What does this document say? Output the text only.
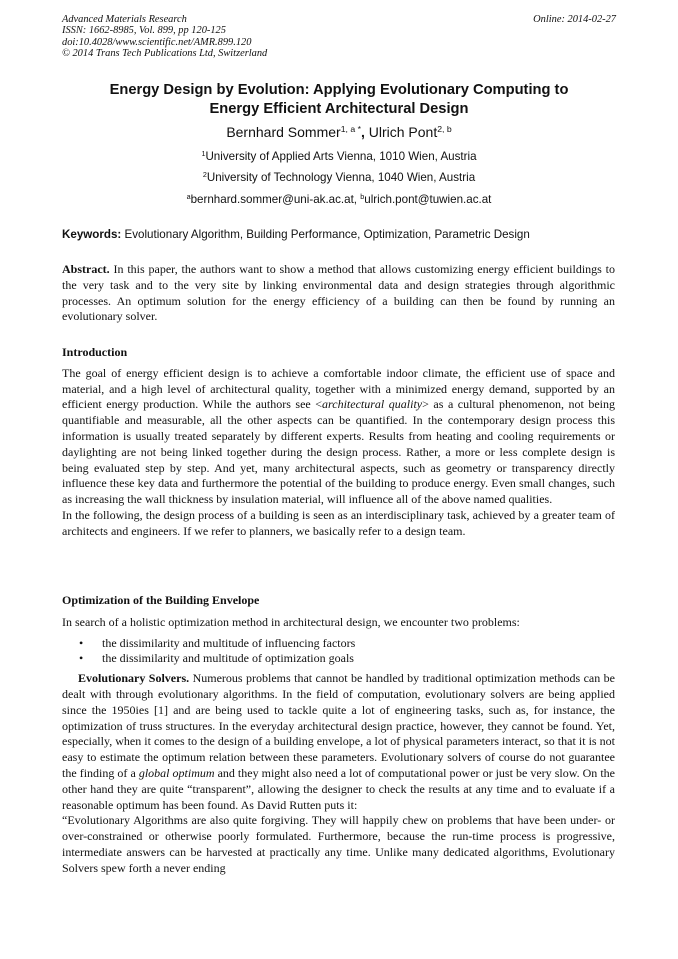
Advanced Materials Research
ISSN: 1662-8985, Vol. 899, pp 120-125
doi:10.4028/www.scientific.net/AMR.899.120
© 2014 Trans Tech Publications Ltd, Switzerland
Online: 2014-02-27
Energy Design by Evolution: Applying Evolutionary Computing to
Energy Efficient Architectural Design
Bernhard Sommer$^{1, a *}$, Ulrich Pont$^{2, b}$
$^1$University of Applied Arts Vienna, 1010 Wien, Austria
$^2$University of Technology Vienna, 1040 Wien, Austria
$^a$bernhard.sommer@uni-ak.ac.at, $^b$ulrich.pont@tuwien.ac.at
Keywords: Evolutionary Algorithm, Building Performance, Optimization, Parametric Design

Abstract. In this paper, the authors want to show a method that allows customizing energy efficient buildings to the very task and to the very site by linking environmental data and design strategies through algorithmic processes. An optimum solution for the energy efficiency of a building can then be found by running an evolutionary solver.

Introduction

The goal of energy efficient design is to achieve a comfortable indoor climate, the efficient use of space and material, and a high level of architectural quality, together with a minimized energy demand, supported by an efficient energy production. While the authors see <architectural quality> as a cultural phenomenon, not being quantifiable and measurable, all the other aspects can be quantified. In the contemporary design process this information is usually treated separately by different experts. Results from heating and cooling requirements or daylighting are not being linked together during the design process. Rather, a more or less complete design is being evaluated step by step. And yet, many architectural aspects, such as geometry or transparency directly influence these key data and furthermore the potential of the building to produce energy. Even small changes, such as increasing the wall thickness by insulation material, will influence all of the above named qualities.

In the following, the design process of a building is seen as an interdisciplinary task, achieved by a greater team of architects and engineers. If we refer to planners, we basically refer to a design team.

Optimization of the Building Envelope

In search of a holistic optimization method in architectural design, we encounter two problems:

• the dissimilarity and multitude of influencing factors
• the dissimilarity and multitude of optimization goals

Evolutionary Solvers. Numerous problems that cannot be handled by traditional optimization methods can be dealt with through evolutionary algorithms. In the field of computation, evolutionary solvers are being applied since the 1950ies [1] and are being used to tackle quite a lot of engineering tasks, such as, for instance, the optimization of truss structures. In the everyday architectural design practice, however, they cannot be found. Yet, especially, when it comes to the design of a building envelope, a lot of physical parameters interact, so that it is not easy to estimate the optimum relation between these parameters. Evolutionary solvers of course do not guarantee the finding of a global optimum and they might also need a lot of computational power or just be very slow. On the other hand they are quite “transparent”, allowing the designer to check the results at any time and to evaluate if a reasonable optimum has been found. As David Rutten puts it:

“Evolutionary Algorithms are also quite forgiving. They will happily chew on problems that have been under- or over-constrained or otherwise poorly formulated. Furthermore, because the run-time process is progressive, intermediate answers can be harvested at practically any time. Unlike many dedicated algorithms, Evolutionary Solvers spew forth a never ending
